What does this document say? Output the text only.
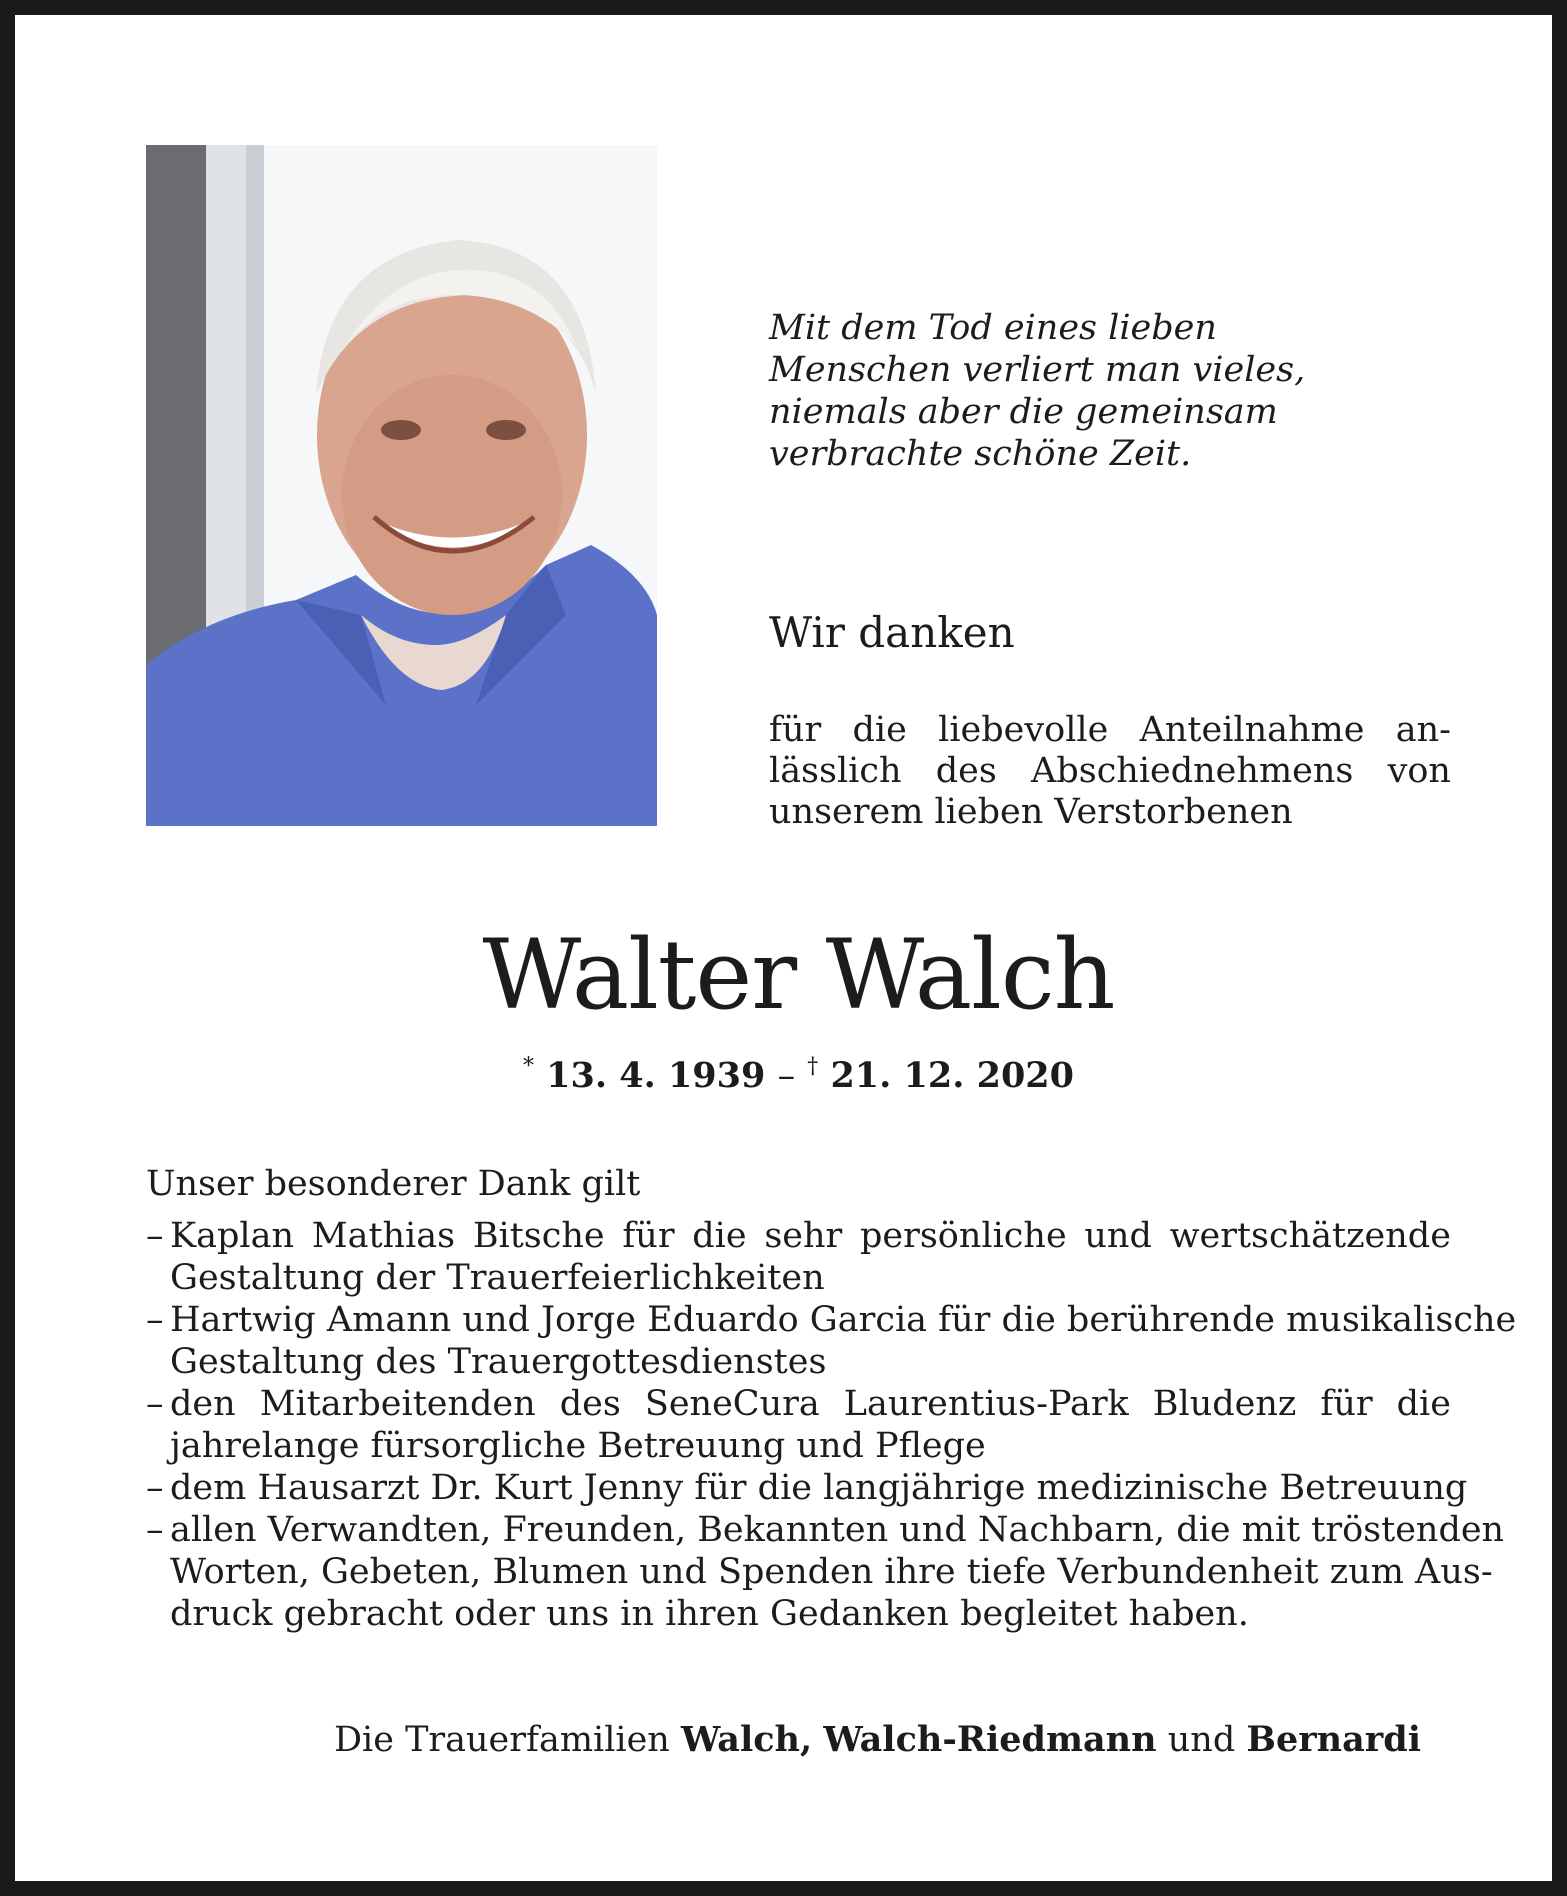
Mit dem Tod eines lieben
Menschen verliert man vieles,
niemals aber die gemeinsam
verbrachte schöne Zeit.

Wir danken

für die liebevolle Anteilnahme an-
lässlich des Abschiednehmens von
unserem lieben Verstorbenen

Walter Walch
* 13. 4. 1939 – † 21. 12. 2020

Unser besonderer Dank gilt

– Kaplan Mathias Bitsche für die sehr persönliche und wertschätzende
Gestaltung der Trauerfeierlichkeiten
– Hartwig Amann und Jorge Eduardo Garcia für die berührende musikalische
Gestaltung des Trauergottesdienstes
– den Mitarbeitenden des SeneCura Laurentius-Park Bludenz für die
jahrelange fürsorgliche Betreuung und Pflege
– dem Hausarzt Dr. Kurt Jenny für die langjährige medizinische Betreuung
– allen Verwandten, Freunden, Bekannten und Nachbarn, die mit tröstenden
Worten, Gebeten, Blumen und Spenden ihre tiefe Verbundenheit zum Aus-
druck gebracht oder uns in ihren Gedanken begleitet haben.
Die Trauerfamilien Walch, Walch-Riedmann und Bernardi
